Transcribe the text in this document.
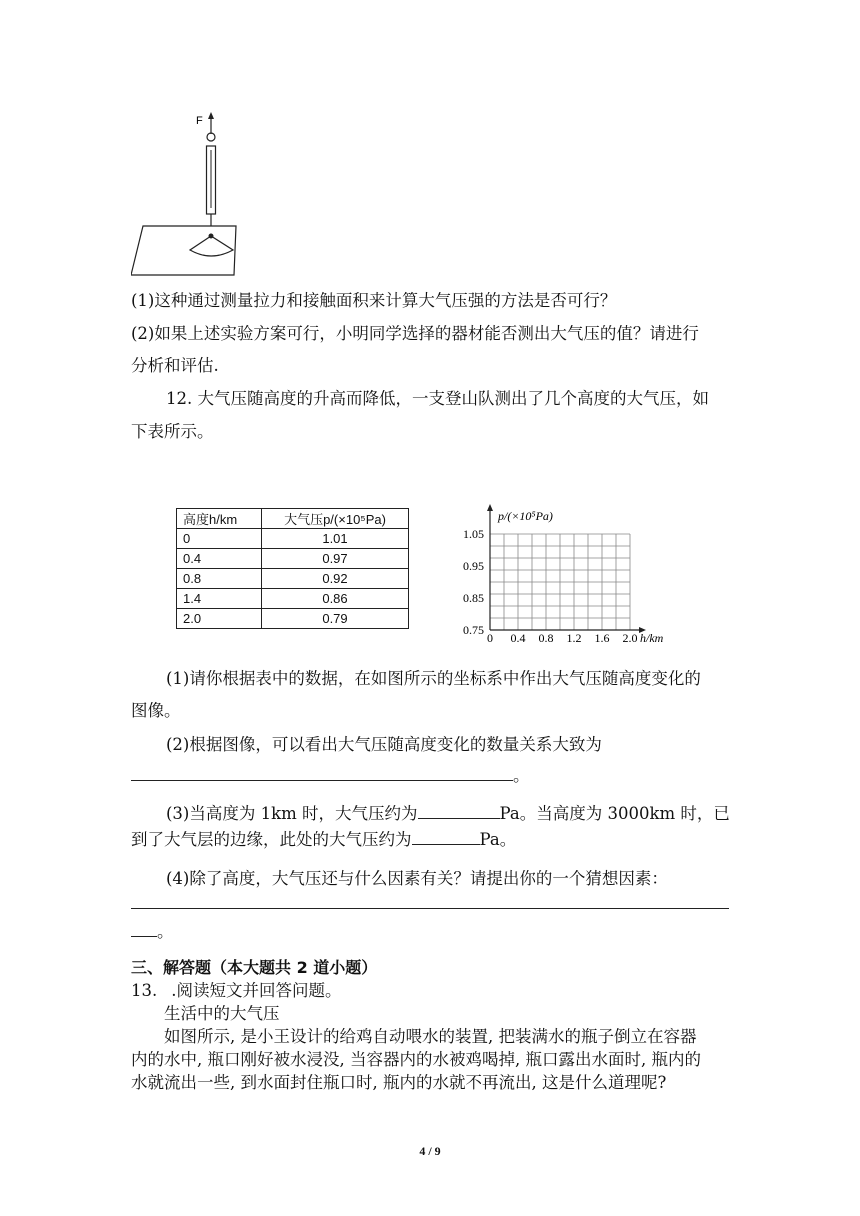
F
(1)这种通过测量拉力和接触面积来计算大气压强的方法是否可行？
(2)如果上述实验方案可行，小明同学选择的器材能否测出大气压的值？请进行
分析和评估.
12. 大气压随高度的升高而降低，一支登山队测出了几个高度的大气压，如
下表所示。
高度h/km	大气压p/(×10⁵Pa)
0	1.01
0.4	0.97
0.8	0.92
1.4	0.86
2.0	0.79
p/(×10⁵Pa)
h/km
1.05
0.95
0.85
0.75
0 0.4 0.8 1.2 1.6 2.0
(1)请你根据表中的数据，在如图所示的坐标系中作出大气压随高度变化的
图像。
(2)根据图像，可以看出大气压随高度变化的数量关系大致为
。
(3)当高度为 1km 时，大气压约为	Pa。当高度为 3000km 时，已
到了大气层的边缘，此处的大气压约为	Pa。
(4)除了高度，大气压还与什么因素有关？请提出你的一个猜想因素：
。
三、解答题（本大题共 2 道小题）
13. .阅读短文并回答问题。
生活中的大气压
如图所示, 是小王设计的给鸡自动喂水的装置, 把装满水的瓶子倒立在容器
内的水中, 瓶口刚好被水浸没, 当容器内的水被鸡喝掉, 瓶口露出水面时, 瓶内的
水就流出一些, 到水面封住瓶口时, 瓶内的水就不再流出, 这是什么道理呢?
4 / 9
